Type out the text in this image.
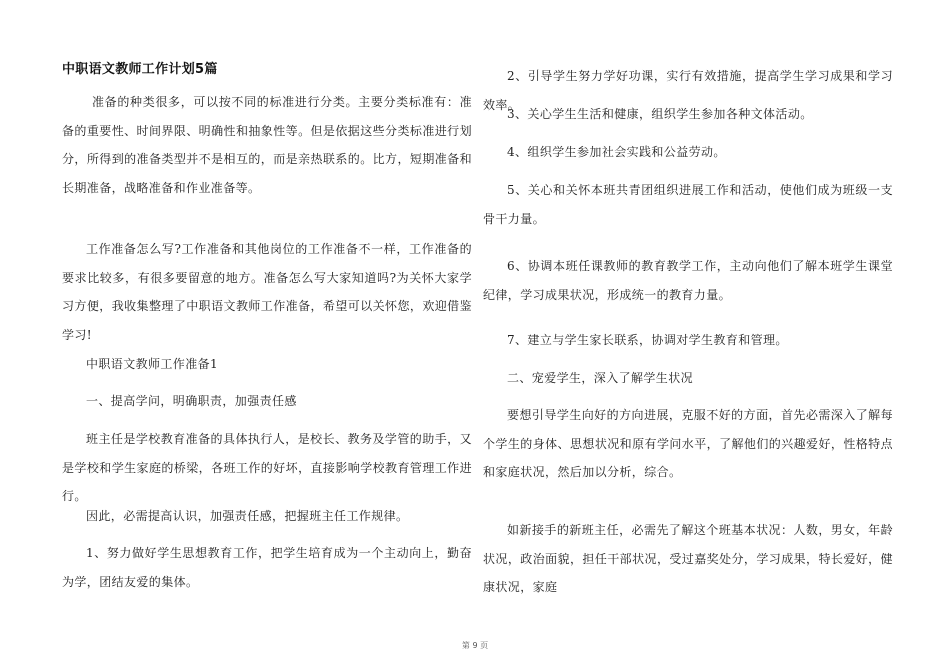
中职语文教师工作计划5篇

准备的种类很多，可以按不同的标准进行分类。主要分类标准有：准备的重要性、时间界限、明确性和抽象性等。但是依据这些分类标准进行划分，所得到的准备类型并不是相互的，而是亲热联系的。比方，短期准备和长期准备，战略准备和作业准备等。

工作准备怎么写?工作准备和其他岗位的工作准备不一样，工作准备的要求比较多，有很多要留意的地方。准备怎么写大家知道吗?为关怀大家学习方便，我收集整理了中职语文教师工作准备，希望可以关怀您，欢迎借鉴学习!

中职语文教师工作准备1

一、提高学问，明确职责，加强责任感

班主任是学校教育准备的具体执行人，是校长、教务及学管的助手，又是学校和学生家庭的桥梁，各班工作的好坏，直接影响学校教育管理工作进行。

因此，必需提高认识，加强责任感，把握班主任工作规律。

1、努力做好学生思想教育工作，把学生培育成为一个主动向上，勤奋为学，团结友爱的集体。

2、引导学生努力学好功课，实行有效措施，提高学生学习成果和学习效率。

3、关心学生生活和健康，组织学生参加各种文体活动。

4、组织学生参加社会实践和公益劳动。

5、关心和关怀本班共青团组织进展工作和活动，使他们成为班级一支骨干力量。

6、协调本班任课教师的教育教学工作，主动向他们了解本班学生课堂纪律，学习成果状况，形成统一的教育力量。

7、建立与学生家长联系，协调对学生教育和管理。

二、宠爱学生，深入了解学生状况

要想引导学生向好的方向进展，克服不好的方面，首先必需深入了解每个学生的身体、思想状况和原有学问水平，了解他们的兴趣爱好，性格特点和家庭状况，然后加以分析，综合。

如新接手的新班主任，必需先了解这个班基本状况：人数，男女，年龄状况，政治面貌，担任干部状况，受过嘉奖处分，学习成果，特长爱好，健康状况，家庭

第 9 页
